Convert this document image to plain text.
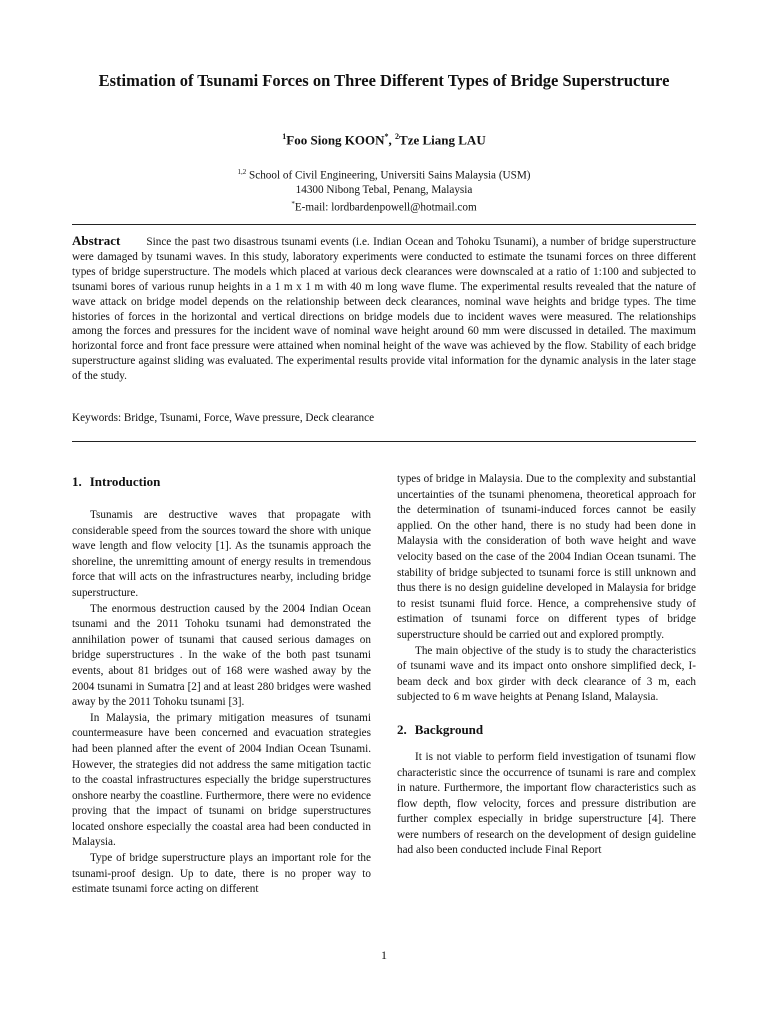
Estimation of Tsunami Forces on Three Different Types of Bridge Superstructure
$^1$Foo Siong KOON*, $^2$Tze Liang LAU
$^{1,2}$ School of Civil Engineering, Universiti Sains Malaysia (USM)
14300 Nibong Tebal, Penang, Malaysia
*E-mail: lordbardenpowell@hotmail.com
Abstract Since the past two disastrous tsunami events (i.e. Indian Ocean and Tohoku Tsunami), a number of bridge superstructure were damaged by tsunami waves. In this study, laboratory experiments were conducted to estimate the tsunami forces on three different types of bridge superstructure. The models which placed at various deck clearances were downscaled at a ratio of 1:100 and subjected to tsunami bores of various runup heights in a 1 m x 1 m with 40 m long wave flume. The experimental results revealed that the nature of wave attack on bridge model depends on the relationship between deck clearances, nominal wave heights and bridge types. The time histories of forces in the horizontal and vertical directions on bridge models due to incident waves were measured. The relationships among the forces and pressures for the incident wave of nominal wave height around 60 mm were discussed in detailed. The maximum horizontal force and front face pressure were attained when nominal height of the wave was achieved by the flow. Stability of each bridge superstructure against sliding was evaluated. The experimental results provide vital information for the dynamic analysis in the later stage of the study.
Keywords: Bridge, Tsunami, Force, Wave pressure, Deck clearance
1. Introduction

Tsunamis are destructive waves that propagate with considerable speed from the sources toward the shore with unique wave length and flow velocity [1]. As the tsunamis approach the shoreline, the unremitting amount of energy results in tremendous force that will acts on the infrastructures nearby, including bridge superstructure.

The enormous destruction caused by the 2004 Indian Ocean tsunami and the 2011 Tohoku tsunami had demonstrated the annihilation power of tsunami that caused serious damages on bridge superstructures . In the wake of the both past tsunami events, about 81 bridges out of 168 were washed away by the 2004 tsunami in Sumatra [2] and at least 280 bridges were washed away by the 2011 Tohoku tsunami [3].

In Malaysia, the primary mitigation measures of tsunami countermeasure have been concerned and evacuation strategies had been planned after the event of 2004 Indian Ocean Tsunami. However, the strategies did not address the same mitigation tactic to the coastal infrastructures especially the bridge superstructures onshore nearby the coastline. Furthermore, there were no evidence proving that the impact of tsunami on bridge superstructures located onshore especially the coastal area had been conducted in Malaysia.

Type of bridge superstructure plays an important role for the tsunami-proof design. Up to date, there is no proper way to estimate tsunami force acting on different

types of bridge in Malaysia. Due to the complexity and substantial uncertainties of the tsunami phenomena, theoretical approach for the determination of tsunami-induced forces cannot be easily applied. On the other hand, there is no study had been done in Malaysia with the consideration of both wave height and wave velocity based on the case of the 2004 Indian Ocean tsunami. The stability of bridge subjected to tsunami force is still unknown and thus there is no design guideline developed in Malaysia for bridge to resist tsunami fluid force. Hence, a comprehensive study of estimation of tsunami force on different types of bridge superstructure should be carried out and explored promptly.

The main objective of the study is to study the characteristics of tsunami wave and its impact onto onshore simplified deck, I-beam deck and box girder with deck clearance of 3 m, each subjected to 6 m wave heights at Penang Island, Malaysia.

2. Background

It is not viable to perform field investigation of tsunami flow characteristic since the occurrence of tsunami is rare and complex in nature. Furthermore, the important flow characteristics such as flow depth, flow velocity, forces and pressure distribution are further complex especially in bridge superstructure [4]. There were numbers of research on the development of design guideline had also been conducted include Final Report

1
